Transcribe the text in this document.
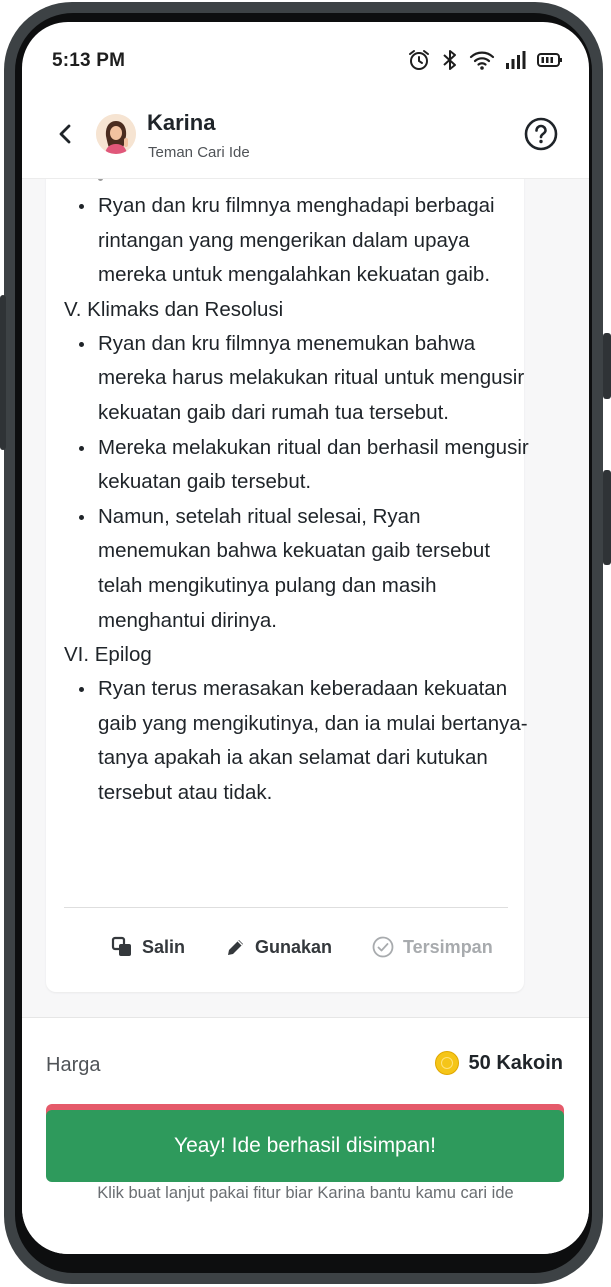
5:13 PM
Karina
Teman Cari Ide
Ryan dan kru filmnya menghadapi berbagai rintangan yang mengerikan dalam upaya mereka untuk mengalahkan kekuatan gaib.
V. Klimaks dan Resolusi
Ryan dan kru filmnya menemukan bahwa mereka harus melakukan ritual untuk mengusir kekuatan gaib dari rumah tua tersebut.
Mereka melakukan ritual dan berhasil mengusir kekuatan gaib tersebut.
Namun, setelah ritual selesai, Ryan menemukan bahwa kekuatan gaib tersebut telah mengikutinya pulang dan masih menghantui dirinya.
VI. Epilog
Ryan terus merasakan keberadaan kekuatan gaib yang mengikutinya, dan ia mulai bertanya-tanya apakah ia akan selamat dari kutukan tersebut atau tidak.
Salin	Gunakan	Tersimpan
Harga	50 Kakoin
Yeay! Ide berhasil disimpan!
Klik buat lanjut pakai fitur biar Karina bantu kamu cari ide
